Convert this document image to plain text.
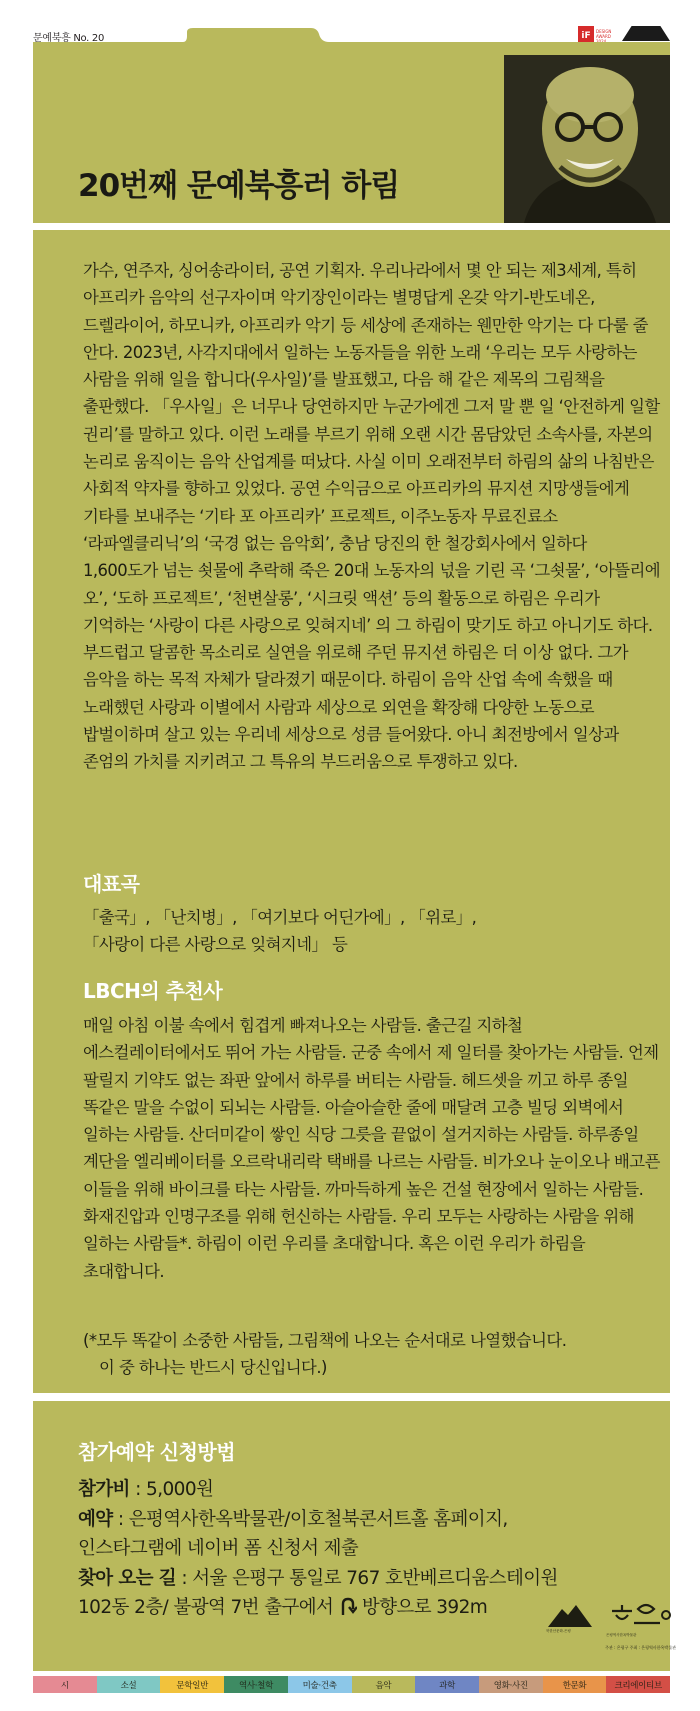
문예북흥 No. 20	iF	DESIGN AWARD 2024
20번째 문예북흥러 하림

가수, 연주자, 싱어송라이터, 공연 기획자. 우리나라에서 몇 안 되는 제3세계, 특히 아프리카 음악의 선구자이며 악기장인이라는 별명답게 온갖 악기-반도네온, 드렐라이어, 하모니카, 아프리카 악기 등 세상에 존재하는 웬만한 악기는 다 다룰 줄 안다. 2023년, 사각지대에서 일하는 노동자들을 위한 노래 ‘우리는 모두 사랑하는 사람을 위해 일을 합니다(우사일)’를 발표했고, 다음 해 같은 제목의 그림책을 출판했다. 「우사일」은 너무나 당연하지만 누군가에겐 그저 말 뿐 일 ‘안전하게 일할 권리’를 말하고 있다. 이런 노래를 부르기 위해 오랜 시간 몸담았던 소속사를, 자본의 논리로 움직이는 음악 산업계를 떠났다. 사실 이미 오래전부터 하림의 삶의 나침반은 사회적 약자를 향하고 있었다. 공연 수익금으로 아프리카의 뮤지션 지망생들에게 기타를 보내주는 ‘기타 포 아프리카’ 프로젝트, 이주노동자 무료진료소 ‘라파엘클리닉’의 ‘국경 없는 음악회’, 충남 당진의 한 철강회사에서 일하다 1,600도가 넘는 쇳물에 추락해 죽은 20대 노동자의 넋을 기린 곡 ‘그쇳물’, ‘아뜰리에 오’, ‘도하 프로젝트’, ‘천변살롱’, ‘시크릿 액션’ 등의 활동으로 하림은 우리가 기억하는 ‘사랑이 다른 사랑으로 잊혀지네’ 의 그 하림이 맞기도 하고 아니기도 하다. 부드럽고 달콤한 목소리로 실연을 위로해 주던 뮤지션 하림은 더 이상 없다. 그가 음악을 하는 목적 자체가 달라졌기 때문이다. 하림이 음악 산업 속에 속했을 때 노래했던 사랑과 이별에서 사람과 세상으로 외연을 확장해 다양한 노동으로 밥벌이하며 살고 있는 우리네 세상으로 성큼 들어왔다. 아니 최전방에서 일상과 존엄의 가치를 지키려고 그 특유의 부드러움으로 투쟁하고 있다.

대표곡

「출국」, 「난치병」, 「여기보다 어딘가에」, 「위로」,
「사랑이 다른 사랑으로 잊혀지네」 등

LBCH의 추천사

매일 아침 이불 속에서 힘겹게 빠져나오는 사람들. 출근길 지하철 에스컬레이터에서도 뛰어 가는 사람들. 군중 속에서 제 일터를 찾아가는 사람들. 언제 팔릴지 기약도 없는 좌판 앞에서 하루를 버티는 사람들. 헤드셋을 끼고 하루 종일 똑같은 말을 수없이 되뇌는 사람들. 아슬아슬한 줄에 매달려 고층 빌딩 외벽에서 일하는 사람들. 산더미같이 쌓인 식당 그릇을 끝없이 설거지하는 사람들. 하루종일 계단을 엘리베이터를 오르락내리락 택배를 나르는 사람들. 비가오나 눈이오나 배고픈 이들을 위해 바이크를 타는 사람들. 까마득하게 높은 건설 현장에서 일하는 사람들. 화재진압과 인명구조를 위해 헌신하는 사람들. 우리 모두는 사랑하는 사람을 위해 일하는 사람들*. 하림이 이런 우리를 초대합니다. 혹은 이런 우리가 하림을 초대합니다.

(*모두 똑같이 소중한 사람들, 그림책에 나오는 순서대로 나열했습니다.
이 중 하나는 반드시 당신입니다.)

참가예약 신청방법
참가비 : 5,000원
예약 : 은평역사한옥박물관/이호철북콘서트홀 홈페이지,
인스타그램에 네이버 폼 신청서 제출
찾아 오는 길 : 서울 은평구 통일로 767 호반베르디움스테이원
102동 2층/ 불광역 7번 출구에서  방향으로 392m
북한산문화.은평
은평역사한옥박물관
주관 : 은평구 주최 : 은평역사한옥박물관
시	소설	문학일반	역사·철학	미술·건축	음악	과학	영화·사진	한문화	크리에이티브
